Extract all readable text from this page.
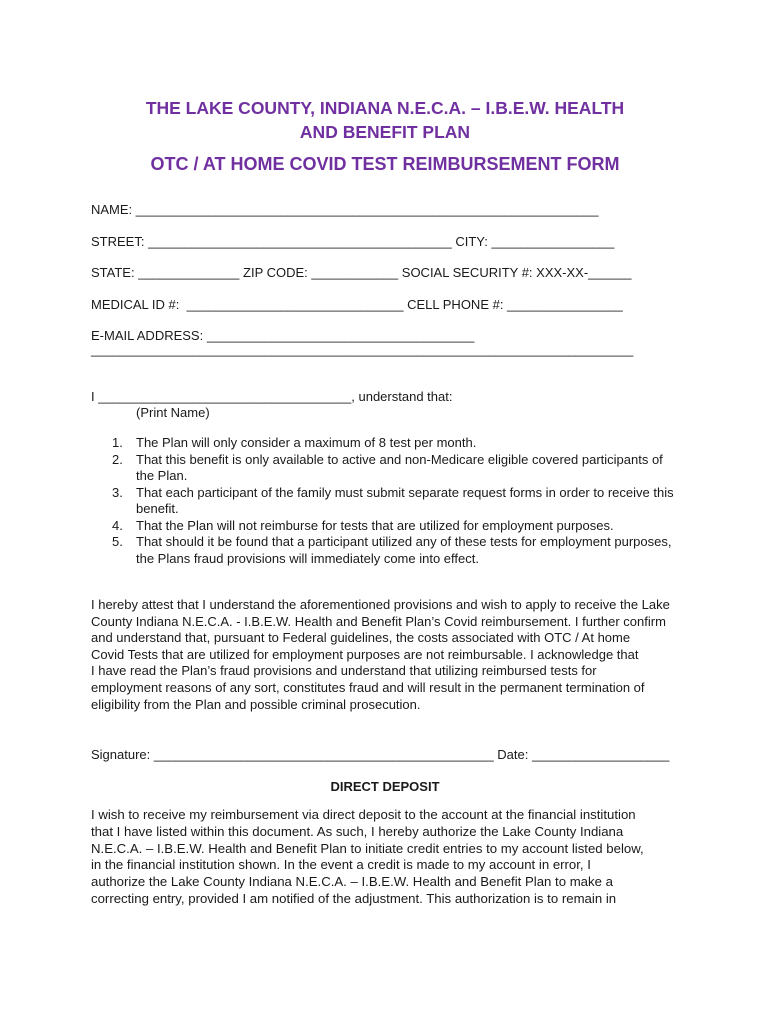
THE LAKE COUNTY, INDIANA N.E.C.A. – I.B.E.W. HEALTH
AND BENEFIT PLAN
OTC / AT HOME COVID TEST REIMBURSEMENT FORM

NAME: ________________________________________________________________

STREET: __________________________________________ CITY: _________________

STATE: ______________ ZIP CODE: ____________ SOCIAL SECURITY #: XXX-XX-______

MEDICAL ID #:  ______________________________ CELL PHONE #: ________________

E-MAIL ADDRESS: _____________________________________

___________________________________________________________________________

I ___________________________________, understand that:

(Print Name)

1. The Plan will only consider a maximum of 8 test per month.
2. That this benefit is only available to active and non-Medicare eligible covered participants of
the Plan.
3. That each participant of the family must submit separate request forms in order to receive this
benefit.
4. That the Plan will not reimburse for tests that are utilized for employment purposes.
5. That should it be found that a participant utilized any of these tests for employment purposes,
the Plans fraud provisions will immediately come into effect.
I hereby attest that I understand the aforementioned provisions and wish to apply to receive the Lake
County Indiana N.E.C.A. - I.B.E.W. Health and Benefit Plan’s Covid reimbursement. I further confirm
and understand that, pursuant to Federal guidelines, the costs associated with OTC / At home
Covid Tests that are utilized for employment purposes are not reimbursable. I acknowledge that
I have read the Plan’s fraud provisions and understand that utilizing reimbursed tests for
employment reasons of any sort, constitutes fraud and will result in the permanent termination of
eligibility from the Plan and possible criminal prosecution.

Signature: _______________________________________________ Date: ___________________

DIRECT DEPOSIT
I wish to receive my reimbursement via direct deposit to the account at the financial institution
that I have listed within this document. As such, I hereby authorize the Lake County Indiana
N.E.C.A. – I.B.E.W. Health and Benefit Plan to initiate credit entries to my account listed below,
in the financial institution shown. In the event a credit is made to my account in error, I
authorize the Lake County Indiana N.E.C.A. – I.B.E.W. Health and Benefit Plan to make a
correcting entry, provided I am notified of the adjustment. This authorization is to remain in
